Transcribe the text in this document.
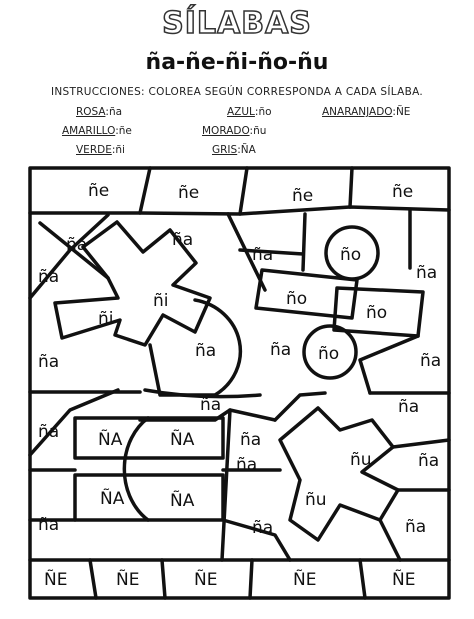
SÍLABAS
ña-ñe-ñi-ño-ñu
INSTRUCCIONES: COLOREA SEGÚN CORRESPONDA A CADA SÍLABA.
ROSA:ña	AZUL:ño	ANARANJADO:ÑE
AMARILLO:ñe	MORADO:ñu
VERDE:ñi	GRIS:ÑA
ñe	ñe	ñe	ñe
ña
ña
ña
ña
ñi
ñi
ño
ña
ño
ño
ña
ña	ña ño	ña
ña	ña
ña ÑA	ÑA	ña
ñu	ña
ÑA	ÑA	ñu
ña	ña	ña
ña
ÑE	ÑE	ÑE	ÑE	ÑE
